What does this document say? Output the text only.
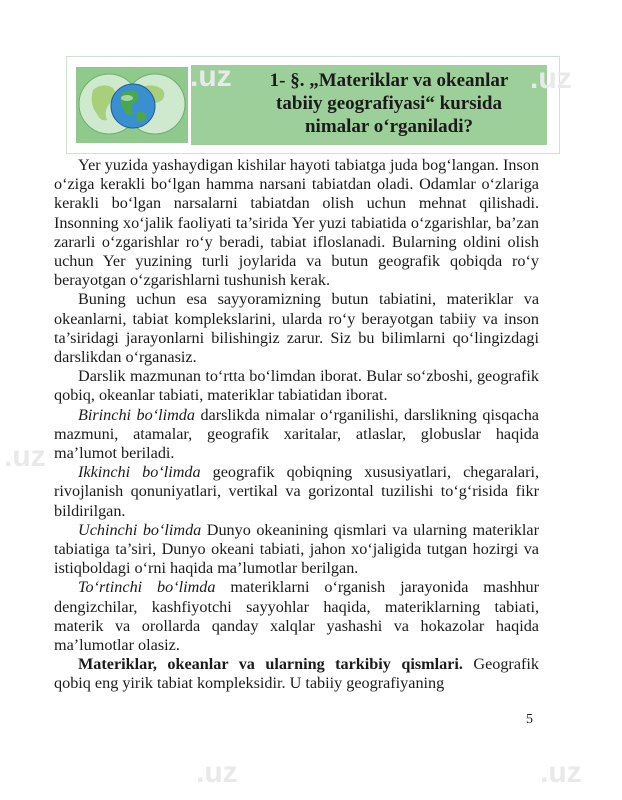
1- §. „Materiklar va okeanlar
tabiiy geografiyasi“ kursida
nimalar o‘rganiladi?

Yer yuzida yashaydigan kishilar hayoti tabiatga juda bog‘langan. Inson o‘ziga kerakli bo‘lgan hamma narsani tabiatdan oladi. Odamlar o‘zlariga kerakli bo‘lgan narsalarni tabiatdan olish uchun mehnat qilishadi. Insonning xo‘jalik faoliyati ta’sirida Yer yuzi tabiatida o‘zgarishlar, ba’zan zararli o‘zgarishlar ro‘y beradi, tabiat ifloslanadi. Bularning oldini olish uchun Yer yuzining turli joylarida va butun geografik qobiqda ro‘y berayotgan o‘zgarishlarni tushunish kerak.

Buning uchun esa sayyoramizning butun tabiatini, materiklar va okeanlarni, tabiat komplekslarini, ularda ro‘y berayotgan tabiiy va inson ta’siridagi jarayonlarni bilishingiz zarur. Siz bu bilimlarni qo‘lingizdagi darslikdan o‘rganasiz.

Darslik mazmunan to‘rtta bo‘limdan iborat. Bular so‘zboshi, geografik qobiq, okeanlar tabiati, materiklar tabiatidan iborat.

Birinchi bo‘limda darslikda nimalar o‘rganilishi, darslikning qisqacha mazmuni, atamalar, geografik xaritalar, atlaslar, globuslar haqida ma’lumot beriladi.

Ikkinchi bo‘limda geografik qobiqning xususiyatlari, chegaralari, rivojlanish qonuniyatlari, vertikal va gorizontal tuzilishi to‘g‘risida fikr bildirilgan.

Uchinchi bo‘limda Dunyo okeanining qismlari va ularning materiklar tabiatiga ta’siri, Dunyo okeani tabiati, jahon xo‘jaligida tutgan hozirgi va istiqboldagi o‘rni haqida ma’lumotlar berilgan.

To‘rtinchi bo‘limda materiklarni o‘rganish jarayonida mashhur dengizchilar, kashfiyotchi sayyohlar haqida, materiklarning tabiati, materik va orollarda qanday xalqlar yashashi va hokazolar haqida ma’lumotlar olasiz.

Materiklar, okeanlar va ularning tarkibiy qismlari. Geografik qobiq eng yirik tabiat kompleksidir. U tabiiy geografiyaning

5
.uz	.uz
.uz
.uz	.uz
